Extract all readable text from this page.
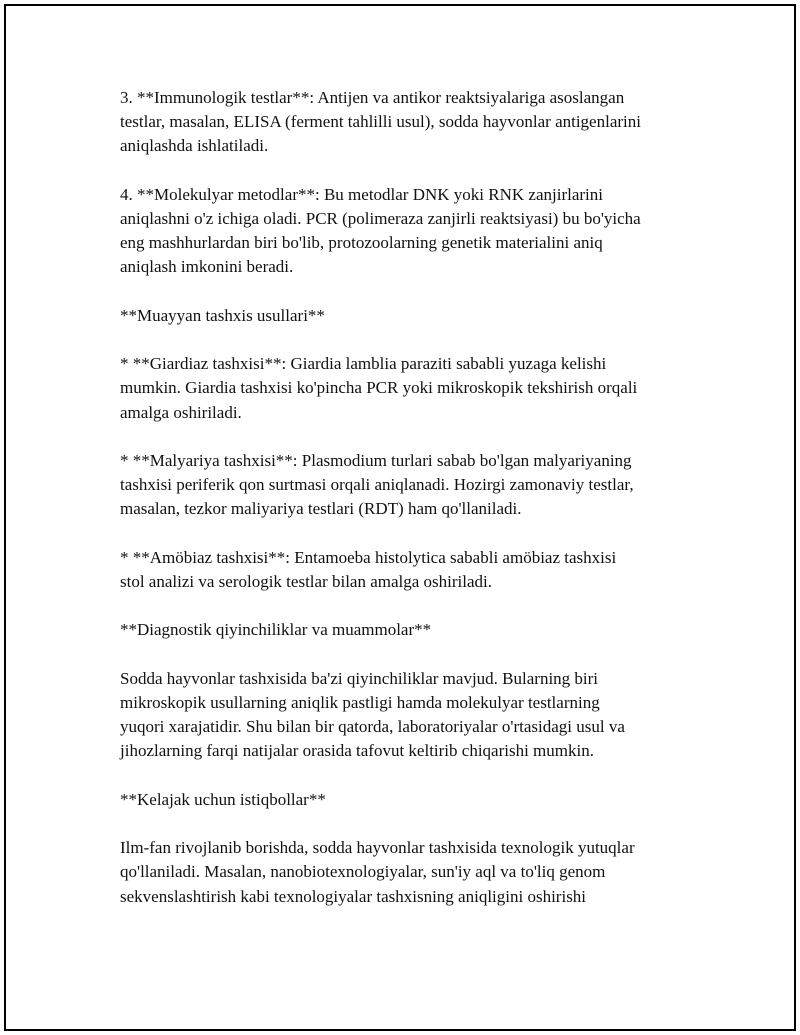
3. **Immunologik testlar**: Antijen va antikor reaktsiyalariga asoslangan
testlar, masalan, ELISA (ferment tahlilli usul), sodda hayvonlar antigenlarini
aniqlashda ishlatiladi.

4. **Molekulyar metodlar**: Bu metodlar DNK yoki RNK zanjirlarini
aniqlashni o'z ichiga oladi. PCR (polimeraza zanjirli reaktsiyasi) bu bo'yicha
eng mashhurlardan biri bo'lib, protozoolarning genetik materialini aniq
aniqlash imkonini beradi.

**Muayyan tashxis usullari**

* **Giardiaz tashxisi**: Giardia lamblia paraziti sababli yuzaga kelishi
mumkin. Giardia tashxisi ko'pincha PCR yoki mikroskopik tekshirish orqali
amalga oshiriladi.

* **Malyariya tashxisi**: Plasmodium turlari sabab bo'lgan malyariyaning
tashxisi periferik qon surtmasi orqali aniqlanadi. Hozirgi zamonaviy testlar,
masalan, tezkor maliyariya testlari (RDT) ham qo'llaniladi.

* **Amöbiaz tashxisi**: Entamoeba histolytica sababli amöbiaz tashxisi
stol analizi va serologik testlar bilan amalga oshiriladi.

**Diagnostik qiyinchiliklar va muammolar**

Sodda hayvonlar tashxisida ba'zi qiyinchiliklar mavjud. Bularning biri
mikroskopik usullarning aniqlik pastligi hamda molekulyar testlarning
yuqori xarajatidir. Shu bilan bir qatorda, laboratoriyalar o'rtasidagi usul va
jihozlarning farqi natijalar orasida tafovut keltirib chiqarishi mumkin.

**Kelajak uchun istiqbollar**

Ilm-fan rivojlanib borishda, sodda hayvonlar tashxisida texnologik yutuqlar
qo'llaniladi. Masalan, nanobiotexnologiyalar, sun'iy aql va to'liq genom
sekvenslashtirish kabi texnologiyalar tashxisning aniqligini oshirishi
